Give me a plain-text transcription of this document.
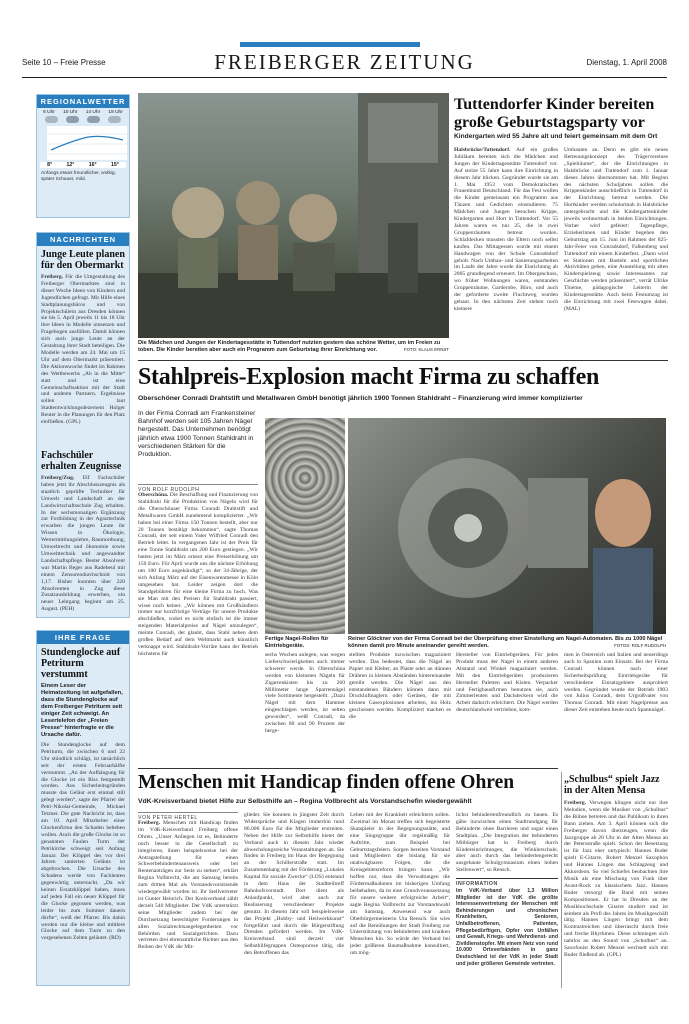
Seite 10 – Freie Presse	FREIBERGER ZEITUNG	Dienstag, 1. April 2008
REGIONALWETTER
6 Uhr 10 Uhr 14 Uhr 18 Uhr
8°	12°	16°	15°
Anfangs etwas freundlicher, wolkig, später Schauer, mild.
NACHRICHTEN
Junge Leute planen für den Obermarkt
Freiberg. Für die Umgestaltung des Freiberger Obermarktes sind in dieser Woche Ideen von Kindern und Jugendlichen gefragt. Mit Hilfe eines Stadtplanungsbüros und von Projektschülern aus Dresden können sie bis 5. April jeweils 11 bis 18 Uhr ihre Ideen in Modelle umsetzen und Fragebogen ausfüllen. Damit können sich auch junge Leute an der Gestaltung ihrer Stadt beteiligen. Die Modelle werden am 24. Mai um 15 Uhr auf dem Obermarkt präsentiert. Die Aktionswoche findet im Rahmen des Wettbewerbs „Ab in die Mitte“ statt und ist eine Gemeinschaftsaktion mit der Stadt und anderen Partnern. Ergebnisse sollen laut Stadtentwicklungsdezernent Holger Reuter in die Planungen für den Platz einfließen. (GPL)
Fachschüler erhalten Zeugnisse
Freiberg/Zug. Elf Fachschüler haben jetzt ihr Abschlusszeugnis als staatlich geprüfte Techniker für Umwelt und Landschaft an der Landwirtschaftsschule Zug erhalten. In der sechsmonatigen Ergänzung zur Fortbildung in der Agrartechnik erwarben die jungen Leute ihr Wissen in Ökologie, Wertermittlungslehre, Raumordnung, Umweltrecht und ökonomie sowie Umwelttechnik und angewandter Landschaftspflege. Bester Absolvent war Martin Beger aus Radebeul mit einem Zensurendurchschnitt von 1,17. Bisher konnten über 220 Absolventen in Zug diese Zusatzausbildung erwerben, ein neuer Lehrgang beginnt am 25. August. (PEH)
IHRE FRAGE
Stundenglocke auf Petriturm verstummt
Einem Leser der Heimatzeitung ist aufgefallen, dass die Stundenglocke auf dem Freiberger Petriturm seit einiger Zeit schweigt. An Lesertelefon der „Freien Presse“ hinterfragte er die Ursache dafür.
Die Stundenglocke auf dem Petriturm, die zwischen 6 und 22 Uhr stündlich schlägt, ist tatsächlich seit der ersten Februarhälfte verstummt. „An der Aufhängung für die Glocke ist ein Riss festgestellt worden. Aus Sicherheitsgründen musste das Geläut erst einmal still gelegt werden“, sagte der Pfarrer der Petri-Nikolai-Gemeinde, Michael Tetzner. Die gute Nachricht ist, dass am 10. April Mitarbeiter einer Glockenfirma den Schaden beheben wollen. Auch die große Glocke ist so genannten Faulen Turm der Petrikirche schweigt seit Anfang Januar. Der Klöppel des vor drei Jahren sanierten Geläuts ist abgebrochen. Die Ursache des Schadens werde von Fachleuten gegenwärtig untersucht. „Da wir keinen Ersatzklöppel haben, muss auf jeden Fall ein neuer Klöppel für die Glocke gegossen werden, was leider bis zum Sommer dauern dürfte“, weiß der Pfarrer. Bis dahin werden nur die kleine und mittlere Glocke auf dem Turm zu den vorgesehenen Zeiten geläutet. (RD)
Die Mädchen und Jungen der Kindertagesstätte in Tuttendorf nutzten gestern das schöne Wetter, um im Freien zu toben. Die Kinder bereiten aber auch ein Programm zum Geburtstag ihrer Einrichtung vor.	FOTO: KLAUS ERNST
Tuttendorfer Kinder bereiten große Geburtstagsparty vor
Kindergarten wird 55 Jahre alt und feiert gemeinsam mit dem Ort
Halsbrücke/Tuttendorf. Auf ein großes Jubiläum bereiten sich die Mädchen und Jungen der Kindertagesstätte Tuttendorf vor. Auf stolze 55 Jahre kann ihre Einrichtung in diesem Jahr blicken. Gegründet wurde sie am 1. Mai 1953 vom Demokratischen Frauenbund Deutschland. Für das Fest wollen die Kinder gemeinsam ein Programm aus Tänzen und Gedichten einstudieren. 75 Mädchen und Jungen besuchen Krippe, Kindergarten und Hort in Tuttendorf. Vor 55 Jahren waren es nur 25, die in zwei Gruppenräumen betreut wurden. Schlafdecken mussten die Eltern noch selbst kaufen. Das Mittagessen wurde mit einem Handwagen von der Schule Conradsdorf geholt. Nach Umbau- und Sanierungsarbeiten im Laufe der Jahre wurde die Einrichtung ab 2005 grundlegend erneuert. Im Obergeschoss, wo früher Wohnungen waren, entstanden Gruppenräume, Garderobe, Büro, und auch der geforderte zweite Fluchtweg wurden gebaut. In den nächsten Zeit stehen noch kleinere
Umbauten an. Denn es gibt ein neues Betreuungskonzept des Trägervereines „Spielräume“, der die Einrichtungen in Halsbrücke und Tuttendorf zum 1. Januar dieses Jahres übernommen hat. Mit Beginn des nächsten Schuljahres sollen die Krippenkinder ausschließlich in Tuttendorf in der Einrichtung betreut werden. Die Hortkinder werden schulortnah in Halsbrücke untergebracht und die Kindergartenkinder jeweils wohnortnah in beiden Einrichtungen. Vorher wird gefeiert: Tagespflege, Erzieherinnen und Kinder begehen den Geburtstag am 15. Juni im Rahmen der 825-Jahr-Feier von Conradsdorf, Falkenberg und Tuttendorf mit einem Kinderfest. „Dann wird es Stationen mit Basteln und sportlichen Aktivitäten geben, eine Ausstellung mit alten Kinderspielzeug sowie Interessantes zur Geschichte werden präsentiert“, verrät Ulrike Thieme, pädagogische Leiterin der Kindertagesstätte. Auch beim Festumzug ist die Einrichtung mit zwei Festwagen dabei. (MAL)
Stahlpreis-Explosion macht Firma zu schaffen
Oberschöner Conradi Drahtstift und Metallwaren GmbH benötigt jährlich 1900 Tonnen Stahldraht – Finanzierung wird immer komplizierter
In der Firma Conradi am Frankensteiner Bahnhof werden seit 105 Jahren Nägel hergestellt. Das Unternehmen benötigt jährlich etwa 1900 Tonnen Stahldraht in verschiedenen Stärken für die Produktion.
VON ROLF RUDOLPH
Oberschöna. Die Beschaffung und Finanzierung von Stahldraht für die Produktion von Nägeln wird für die Oberschönaer Firma Conradi Drahtstift und Metallwaren GmbH zunehmend komplizierter. „Wir haben bei einer Firma 150 Tonnen bestellt, aber nur 20 Tonnen bestätigt bekommen“, sagte Thomas Conradi, der seit einem Vater Wilfried Conradi den Betrieb leitet. In vergangenen Jahr ist der Preis für eine Tonne Stahldraht um 200 Euro gestiegen. „Wir hatten jetzt im März erneut eine Preiserhöhung um 150 Euro. Für April wurde uns die nächste Erhöhung um 100 Euro angekündigt“, so der 34-Jährige, der sich Anfang März auf der Eisenwarenmesse in Köln umgesehen hat. Leider zeigen dort die Standgebühren für eine kleine Firma zu hoch. Was sie Man mit den Preisen für Stahldraht passiert, wisse noch keiner. „Wir können mit Großhändlern immer nur kurzfristige Verträge für unsere Produkte abschließen, wobei es nicht einfach ist die immer steigenden Materialpreise auf Nägel umzulegen“, meinte Conradi, der glaubt, dass Stahl neben dem großen Bedarf auf dem Weltmarkt auch künstlich verknappt wird. Stahldraht-Vorräte kann der Betrieb höchstens für
Fertige Nagel-Rollen für Eintriebgeräte.
Reiner Glöckner von der Firma Conradi bei der Überprüfung einer Einstellung am Nagel-Automaten. Bis zu 1000 Nägel können damit pro Minute aneinander gereiht werden.	FOTOS: ROLF RUDOLPH
sechs Wochen anlegen, was wegen Lieferschwierigkeiten auch immer schwerer werde. In Oberschöna werden von kleinsten Nägeln für Zigarrenkisten bis zu 260 Millimeter lange Sparrennägel viele Sortimente hergestellt. „Dazu Nägel mit dem Hammer eingeschlagen werden, ist selten geworden“, weiß Conradi, da zwischen 80 und 90 Prozent der herge-
stellten Produkte inzwischen magaziniert werden. Das bedeutet, dass die Nägel an Papier mit Kleber, an Plaste oder an dünnen Drähten in kleinen Abständen hintereinander gereiht werden. Die Nägel aus den entstandenen Bändern können dann mit Druckluftnaglern oder Geräten, die mit kleinen Gasexplosionen arbeiten, ins Holz geschossen werden. Kompliziert machen es die
Hersteller von Eintriebgeräten. Für jedes Produkt muss der Nagel in einem anderen Abstand und Winkel magaziniert werden. Mit den Eintriebgeräten produzieren Hersteller Paletten und Kisten. Verpacker und Fertighausfirmen benutzen sie, auch Zimmerleuten und Dachdeckern wird die Arbeit dadurch erleichtert. Die Nägel werden deutschlandweit vertrieben, kom-
men in Österreich und Italien und neuerdings auch in Spanien zum Einsatz. Bei der Firma Conradi können nach einer Sicherheitsprüfung Eintriebgeräte für verschiedene Einsatzgebiete ausprobiert werden. Gegründet wurde der Betrieb 1903 von Julius Conradi, dem Urgroßvater von Thomas Conradi. Mit einer Nagelpresse aus dieser Zeit entstehen heute noch Spannnägel.
Menschen mit Handicap finden offene Ohren
VdK-Kreisverband bietet Hilfe zur Selbsthilfe an – Regina Vollbrecht als Vorstandschefin wiedergewählt
VON PETER HERTEL
Freiberg. Menschen mit Handicap finden im VdK-Kreisverband Freiberg offene Ohren. „Unser Anliegen ist es, Behinderte noch besser in die Gesellschaft zu integrieren, ihnen beispielsweise bei der Antragstellung für einen Schwerbehindertenausweis oder bei Rentenanträgen zur Seite zu stehen“, erklärt Regina Vollbrecht, die am Samstag bereits zum dritten Mal als Vorstandsvorsitzende wiedergewählt worden ist. Ihr Stellvertreter ist Gunter Heinrich. Der Kreisverband zählt derzeit 540 Mitglieder. Der VdK unterstützt seine Mitglieder zudem bei der Durchsetzung berechtigter Forderungen in allen Sozialrechtsangelegenheiten vor Behörden und Sozialgerichten. Dazu vertreten drei ehrenamtliche Richter aus den Reihen der VdK die Mit-
glieder. Sie konnten in jüngster Zeit durch Widersprüche und Klagen immerhin rund 86.000 Euro für die Mitglieder erstreiten. Neben der Hilfe zur Selbsthilfe bietet der Verband auch in diesem Jahr wieder abwechslungsreiche Veranstaltungen an. Sie finden in Freiberg im Haus der Begegnung an der Schillerstraße statt. Im Zusammenhang mit der Förderung „Lokales Kapital für soziale Zwecke“ (LOS) entstand in dem Haus der Stadtteiltreff Bahnhofsvorstadt. Dort dient als Anlaufpunkt, wird aber auch zur Realisierung verschiedener Projekte genutzt. In diesem Jahr soll beispielsweise das Projekt „Hobby- und Heilwerkkunst“ fortgeführt und durch die Bürgerstiftung Dresden gefördert werden. Im VdK-Kreisverband sind derzeit vier Selbsthilfegruppen Osteoporose tätig, die den Betroffenen das
Leben mit der Krankheit erleichtern sollen. Zweimal im Monat treffen sich begeisterte Skatspieler in der Begegnungsstätte, und eine Singegruppe übt regelmäßig für Auftritte, zum Beispiel bei Geburtstagsfeiern. Sorgen bereiten Vorstand und Mitgliedern die bislang für sie unabwägbaren Folgen, die die Kreisgebietsreform bringen kann. „Wir hoffen nur, dass die Verwaltungen die Fördermaßnahmen im bisherigen Umfang beibehalten, da ist eine Grundvoraussetzung für unsere weitere erfolgreiche Arbeit“, sagte Regina Vollbrecht zur Vorstandswahl am Samstag. Anwesend war auch Oberbürgermeisterin Uta Rensch. Sie wies auf die Bemühungen der Stadt Freiberg zur Unterstützung von behinderten und kranken Menschen hin. So würde der Verband bei jeder größeren Baumaßnahme konsultiert, um mög-
lichst behindertenfreundlich zu bauen. Es gäbe inzwischen einen Stadtrundgang für Behinderte ohne Barrieren und sogar einen Stadtplan. „Die Integration der behinderten Mitbürger hat in Freiberg durch Kindereinrichtungen, die Winklerschule, aber auch durch das behindertengerecht ausgebaute Schulgymnasium einen hohen Stellenwert“, so Rensch.
INFORMATION
Im VdK-Verband über 1,3 Million Mitglieder ist der VdK die größte Interessenvertretung der Menschen mit Behinderungen und chronischen Krankheiten, Senioren, Unfallbetroffenen, Patienten, Pflegebedürftigen, Opfer von Unfällen und Gewalt, Kriegs- und Wehrdienst- und Zivildienstopfer. Mit einem Netz von rund 10.000 Ortsverbänden in ganz Deutschland ist der VdK in jeder Stadt und jeder größeren Gemeinde vertreten.
„Schulbus“ spielt Jazz in der Alten Mensa
Freiberg. Verwegen klingen nicht nur ihre Melodien, wenn die Musiker von „Schulbus“ die Bühne betreten und das Publikum in ihren Bann ziehen. Am 3. April können sich die Freiberger davon überzeugen, wenn die Jazzgruppe ab 20 Uhr in der Alten Mensa an der Petersstraße spielt. Schon der Besetzung ist für Jazz eher untypisch: Hannes Buder spielt E-Gitarre, Robert Menzel Saxophon und Hannes Lingen das Schlagzeug und Akkordeon. So viel Schiefes beobachten ihre Musik als eine Mischung von Funk über Avant-Rock zu klassischem Jazz. Hannes Buder versorgt die Band mit seinen Kompositionen. Er hat in Dresden an der Musikhochschule Gitarre studiert und ist seitdem als Profi des Jahres im Musikgeschäft tätig. Hannes Lingen bringt mit dem Kontrastreichen und überrascht durch freie und freche Rhythmen. Diese schmiegen sich nahtlos an den Sound von „Schulbus“ an. Saxofonist Robert Menzel wechselt sich mit Buder fließend ab. (GPL)
